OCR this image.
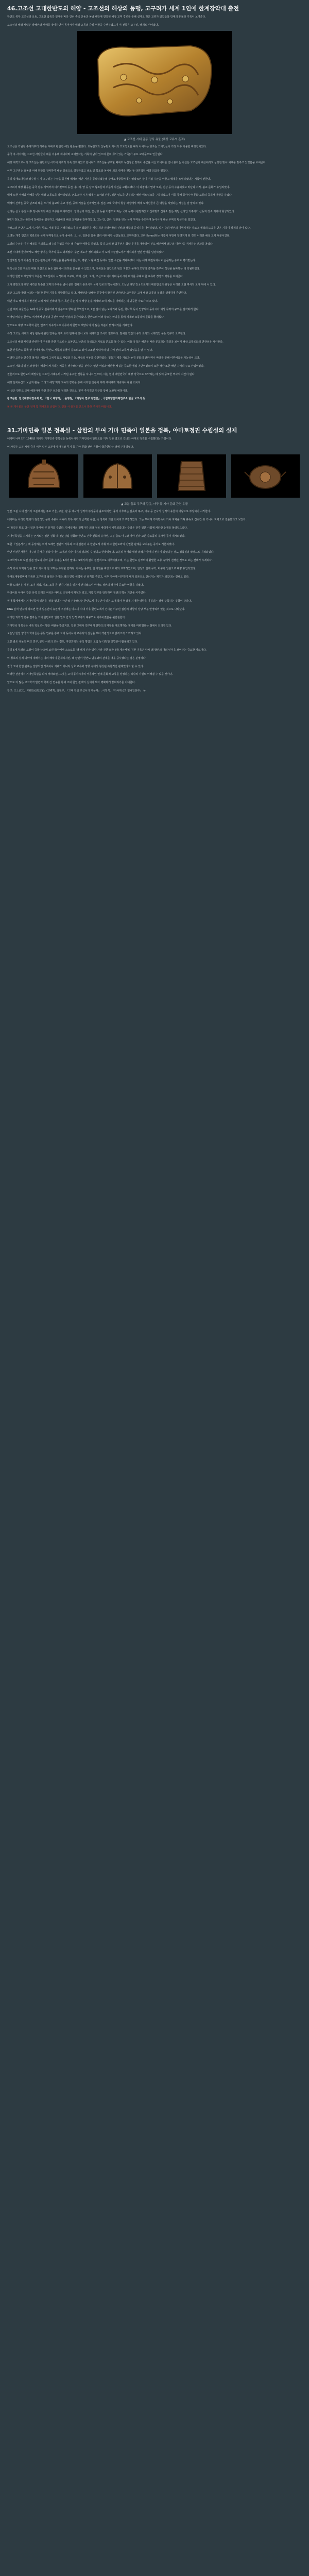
46.고조선 고대한반도의 해양 - 고조선의 해상의 동맹, 고구려가 세계 1인에 한계장악대 출전

한반도 북부 고조선과 요동, 고조선 압록강 일대를 바다 건너 중국 산동과 동남 해안에 연결된 해상 교역 경로를 통해 실제로 많은 교류가 있었음을 당대의 유물과 기록이 보여준다.

고조선의 해상 세력은 발해만과 서해를 장악하면서 동아시아 해상 교류의 중심 역할을 수행하였으며 이 전통은 고구려, 백제로 이어졌다.

▲ 고조선 시대 금동 장식 유물 (해상 교류의 흔적)

고조선은 기원전 수세기부터 서해를 무대로 활발한 해상 활동을 펼쳤다. 요동반도와 산동반도 사이의 묘도열도를 따라 이어지는 항로는 고대인들이 가장 자주 이용한 바닷길이었다.

중국 측 사서에는 고조선 사람들이 배를 이용해 제나라와 교역했다는 기록이 남아 있으며 문피(무늬 있는 가죽)가 주요 교역품으로 언급된다.

해양 세력으로서의 고조선은 위만조선 시기에 이르러 더욱 강화되었고 한나라가 고조선을 공격할 때에도 누선장군 양복이 수군을 이끌고 바다를 건너 왔다는 사실은 고조선이 해상에서도 상당한 방어 체계를 갖추고 있었음을 보여준다.

이후 고구려는 요동과 서해 연안을 장악하며 해상 강국으로 성장하였고 남조 및 북조와 동시에 외교 관계를 맺는 등 다원적인 해양 외교를 펼쳤다.

특히 광개토대왕과 장수왕 시기 고구려는 수군을 동원해 백제의 해안 거점을 공략하였는데 광개토대왕릉비에는 영락 6년 왕이 직접 수군을 이끌고 백제를 토벌하였다는 기록이 전한다.

고구려의 해상 활동은 중국 남부 지역까지 이어졌으며 동진, 송, 제, 양 등 남조 왕조들과 꾸준히 사신을 교환하였다. 이 과정에서 말과 모피, 인삼 등이 수출되었고 비단과 서적, 불교 문화가 유입되었다.

백제 또한 서해와 남해를 잇는 해상 교통로를 장악하였다. 근초고왕 시기 백제는 요서와 산동, 일본 열도를 연결하는 해상 네트워크를 구축하였으며 이를 통해 동아시아 문화 교류의 중개자 역할을 하였다.

백제의 선박은 중국 남조와 왜를 오가며 불교와 유교 경전, 공예 기술을 전파하였다. 일본 고대 국가의 형성 과정에서 백제 도래인들이 큰 역할을 하였다는 사실은 잘 알려져 있다.

신라는 삼국 통일 이후 당나라와의 해상 교류를 확대하였다. 당항성과 회진, 울산항 등을 거점으로 하는 국제 무역이 활발하였고 신라방과 신라소 같은 재당 신라인 거주지가 산동과 강소 지역에 형성되었다.

9세기 장보고는 완도에 청해진을 설치하고 서남해의 해상 교역권을 장악하였다. 그는 당, 신라, 일본을 잇는 삼각 무역을 주도하며 동아시아 해상 무역의 황금기를 열었다.

장보고의 선단은 도자기, 비단, 향료, 서적 등을 거래하였으며 적산 법화원을 세워 재당 신라인들의 신앙과 생활의 중심지를 마련하였다. 일본 승려 엔닌의 여행기에는 장보고 세력의 도움을 받은 기록이 상세히 남아 있다.

고려는 개경 인근의 벽란도를 국제 무역항으로 삼아 송나라, 요, 금, 일본은 물론 멀리 아라비아 상인들과도 교역하였다. 고려(Korea)라는 이름이 서방에 알려지게 된 것도 이러한 해상 교역 덕분이었다.

고려의 수군은 여진 해적을 격퇴하고 왜구의 침입을 막는 데 중요한 역할을 하였다. 특히 고려 말 최무선은 화약 무기를 개발하여 진포 해전에서 왜구의 대선단을 격파하는 전과를 올렸다.

조선 시대에 들어와서도 해양 방어는 국가의 중요 과제였다. 수군 제도가 정비되었고 각 도에 수군절도사가 배치되어 연안 방어를 담당하였다.

임진왜란 당시 이순신 장군은 판옥선과 거북선을 활용하여 한산도, 명량, 노량 해전 등에서 일본 수군을 격파하였다. 이는 세계 해전사에서도 손꼽히는 승리로 평가받는다.

판옥선은 2층 구조의 대형 전선으로 높은 갑판에서 화포를 운용할 수 있었으며, 거북선은 철갑으로 덮인 지붕과 용머리 모양의 충각을 갖추어 적선을 돌파하는 데 탁월하였다.

이러한 한반도 해양사의 흐름은 고조선에서 시작하여 고구려, 백제, 신라, 고려, 조선으로 이어지며 동아시아 바다를 무대로 한 교류와 경쟁의 역사를 보여준다.

고대 한반도의 해양 세력은 단순한 교역의 주체를 넘어 문화 전파의 통로이자 국가 안보의 핵심이었다. 오늘날 해양 강국으로서의 대한민국의 위상은 이러한 오랜 역사적 토대 위에 서 있다.

최근 고고학 발굴 성과는 이러한 문헌 기록을 뒷받침하고 있다. 서해안과 남해안 곳곳에서 발견된 난파선과 교역품은 고대 해상 교류의 실상을 생생하게 증언한다.

태안 마도 해역에서 발견된 고려 시대 선박과 청자, 목간 등은 당시 해상 운송 체계와 조세 제도를 이해하는 데 귀중한 자료가 되고 있다.

신안 해저 유물선은 14세기 중국 원나라에서 일본으로 향하던 무역선으로, 2만 점이 넘는 도자기와 동전, 향나무 등이 인양되어 동아시아 해상 무역의 규모를 짐작하게 한다.

이처럼 바다는 한반도 역사에서 단절의 공간이 아닌 연결의 공간이었다. 한반도의 여러 왕조는 바다를 통해 세계와 소통하며 문화를 꽃피웠다.

앞으로도 해양 고고학과 문헌 연구가 지속적으로 이루어져 한반도 해양사의 더 많은 부분이 밝혀지기를 기대한다.

특히 고조선 시대의 해상 활동에 관한 연구는 아직 초기 단계에 있어 보다 체계적인 조사가 필요하다. 발해만 연안의 유적 조사와 국제적인 공동 연구가 요구된다.

고조선의 해상 세력과 관련하여 주목할 만한 자료로는 요동반도 남단의 적석총과 지석묘 분포를 들 수 있다. 이들 유적은 해안을 따라 분포하는 특징을 보이며 해상 교통로와의 연관성을 시사한다.

또한 산동반도 동쪽 끝 지역에서도 한반도 계통의 유물이 출토되고 있어 고조선 시대부터 양 지역 간의 교류가 있었음을 알 수 있다.

이러한 교류는 단순히 물자의 이동에 그치지 않고 사람과 기술, 사상의 이동을 수반하였다. 청동기 제작 기술과 농경 문화의 전파 역시 바다를 통해 이루어졌을 가능성이 크다.

고조선 사회의 발전 과정에서 해양이 차지하는 비중은 생각보다 컸을 것이다. 연안 어업과 해산물 채집은 중요한 생업 기반이었으며 소금 생산 또한 해안 지역의 주요 산업이었다.

결론적으로 한반도의 해양사는 고조선 시대부터 시작된 유구한 전통을 지니고 있으며, 이는 현대 대한민국이 해양 강국으로 도약하는 데 있어 중요한 역사적 자산이 된다.

해양 문화유산의 보존과 활용, 그리고 해양 역사 교육의 강화를 통해 이러한 전통이 미래 세대에게 계승되어야 할 것이다.

이 글은 한반도 고대 해양사에 관한 연구 성과를 정리한 것으로, 향후 추가적인 연구를 통해 보완될 예정이다.

참고문헌: 한국해양사연구회 편, 『한국 해양사』; 윤명철, 『해양사 연구 방법론』; 국립해양문화재연구소 발굴 보고서 등

※ 본 게시물의 무단 전재 및 재배포를 금합니다. 인용 시 출처를 반드시 밝혀 주시기 바랍니다.

31.기마민족 일본 정복설 - 삼한의 부여 기마 민족이 일본을 정복, 야마토정권 수립설의 실제

에가미 나미오가 1948년 제시한 기마민족 정복설은 동북아시아 기마민족이 한반도를 거쳐 일본 열도로 건너와 야마토 정권을 수립했다는 가설이다.

이 가설은 고분 시대 중기 이후 일본 고분에서 마구와 무기 등 기마 문화 관련 유물이 급증한다는 점에 주목하였다.

▲ 고분 출토 투구와 갑옷, 마구 등 기마 문화 관련 유물

일본 고분 시대 전기의 고분에서는 주로 거울, 구슬, 칼 등 제사적 성격의 부장품이 출토되지만, 중기 이후에는 갑옷과 투구, 마구 등 군사적 성격의 유물이 대량으로 부장되기 시작한다.

에가미는 이러한 변화가 점진적인 문화 수용이 아니라 외부 세력의 급격한 유입, 즉 정복에 의한 것이라고 주장하였다. 그는 부여계 기마민족이 가야 지역을 거쳐 규슈로 건너간 뒤 기나이 지역으로 진출했다고 보았다.

이 학설은 발표 당시 일본 학계에 큰 충격을 주었다. 만세일계의 천황가가 외래 정복 세력에서 비롯되었다는 주장은 전후 일본 사회에 커다란 논쟁을 불러일으켰다.

기마민족설을 지지하는 근거로는 일본 신화 속 천손강림 신화와 한반도 건국 신화의 유사성, 고분 출토 마구와 가야·신라 고분 출토품의 유사성 등이 제시되었다.

또한 『일본서기』에 등장하는 여러 도래인 집단의 기록과 고대 일본어 속 한반도계 어휘 역시 한반도와의 긴밀한 관계를 보여주는 증거로 거론되었다.

반면 비판론자들은 마구의 증가가 정복이 아닌 교역과 기술 이전의 결과일 수 있다고 반박하였다. 고분의 형태와 매장 의례가 급격히 변하지 않았다는 점도 정복설의 약점으로 지적되었다.

고고학적으로 보면 일본 열도의 기마 문화 수용은 4세기 말에서 5세기에 걸쳐 점진적으로 이루어졌으며, 이는 한반도 남부와의 활발한 교류 속에서 진행된 것으로 보는 견해가 우세하다.

특히 가야 지역과 일본 열도 사이의 철 교역은 주목할 만하다. 가야는 풍부한 철 자원을 바탕으로 왜와 교역하였으며, 철정과 철제 무기, 마구가 일본으로 대량 유입되었다.

광개토대왕릉비에 기록된 고구려의 남정은 가야와 왜의 연합 세력에 큰 타격을 주었고, 이후 가야계 이주민이 대거 일본으로 건너가는 계기가 되었다는 견해도 있다.

이들 도래인은 제철, 토기 제작, 직조, 토목 등 선진 기술을 일본에 전하였으며 야마토 정권의 성장에 중요한 역할을 하였다.

하타씨와 아야씨 같은 유력 도래인 씨족은 야마토 조정에서 재정과 외교, 기록 업무를 담당하며 정권의 핵심 기반을 이루었다.

현대 학계에서는 기마민족이 일본을 '정복'했다는 극단적 주장보다는 한반도계 이주민이 일본 고대 국가 형성에 지대한 영향을 미쳤다는 점에 주목하는 경향이 강하다.

DNA 분석 연구에 따르면 현대 일본인의 유전자 구성에는 야요이 시대 이후 한반도에서 건너온 이주민 집단의 영향이 상당 부분 반영되어 있는 것으로 나타났다.

이러한 과학적 연구 결과는 고대 한반도와 일본 열도 간의 인적 교류가 대규모로 이루어졌음을 뒷받침한다.

기마민족 정복설은 비록 학설로서 많은 비판을 받았지만, 일본 고대사 연구에서 한반도의 역할을 재조명하는 계기를 마련했다는 점에서 의의가 있다.

오늘날 한일 양국의 학자들은 공동 연구를 통해 고대 동아시아 교류사의 실상을 보다 객관적으로 밝히고자 노력하고 있다.

고분 출토 유물의 비교 연구, 문헌 사료의 교차 검토, 자연과학적 분석 방법의 도입 등 다양한 방법론이 활용되고 있다.

특히 5세기 왜의 오왕이 중국 남조에 보낸 국서에서 스스로를 '왜·백제·신라·임나·가라·진한·모한 7국 제군사'로 칭한 기록은 당시 왜 왕권의 대외 인식을 보여주는 중요한 자료이다.

이 칭호의 실제 의미에 대해서는 여러 해석이 존재하지만, 왜 왕권이 한반도 남부와의 관계를 매우 중시했다는 점은 분명하다.

결국 고대 한일 관계는 일방적인 정복이나 지배가 아니라 상호 교류와 영향 속에서 형성된 복합적인 관계였다고 할 수 있다.

이러한 관점에서 기마민족설을 다시 바라보면, 그것은 고대 동아시아의 역동적인 인적·문화적 교류를 상징하는 하나의 가설로 이해될 수 있을 것이다.

앞으로 더 많은 고고학적 발견과 학제 간 연구를 통해 고대 한일 관계의 실체가 보다 명확하게 밝혀지기를 기대한다.

참고: 江上波夫, 『騎馬民族国家』(1967); 김현구, 『고대 한일 교섭사의 제문제』; 이영식, 『가야제국과 임나일본부』 등
